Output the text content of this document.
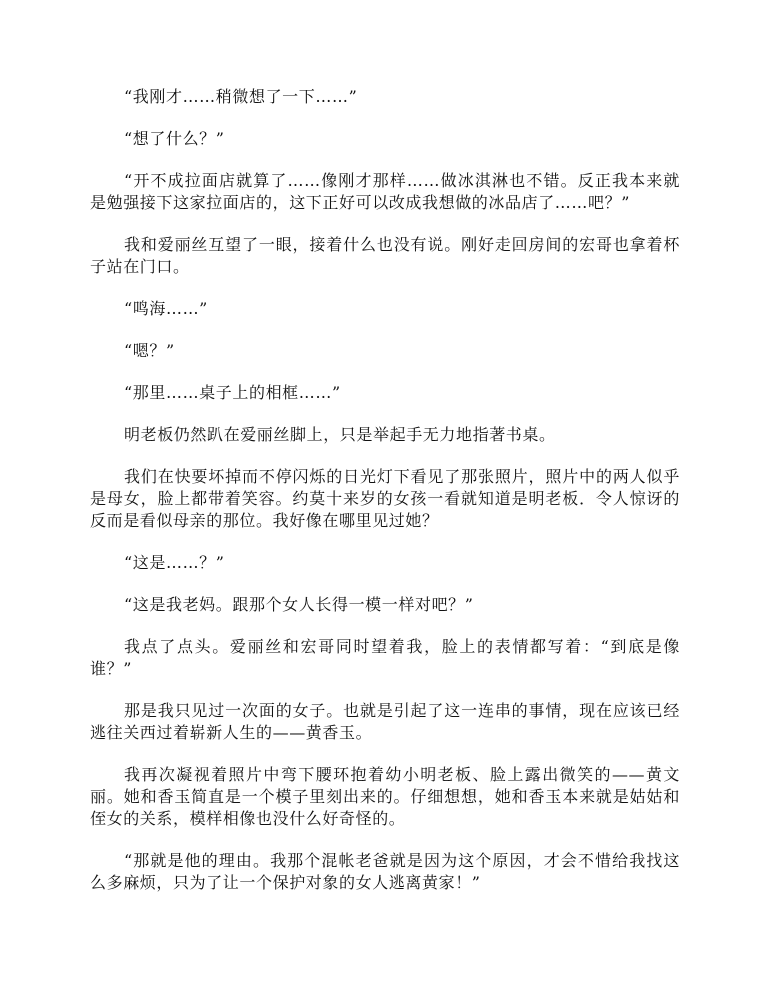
“我刚才……稍微想了一下……”

“想了什么？”

“开不成拉面店就算了……像刚才那样……做冰淇淋也不错。反正我本来就是勉强接下这家拉面店的，这下正好可以改成我想做的冰品店了……吧？”

我和爱丽丝互望了一眼，接着什么也没有说。刚好走回房间的宏哥也拿着杯子站在门口。

“鸣海……”

“嗯？”

“那里……桌子上的相框……”

明老板仍然趴在爱丽丝脚上，只是举起手无力地指著书桌。

我们在快要坏掉而不停闪烁的日光灯下看见了那张照片，照片中的两人似乎是母女，脸上都带着笑容。约莫十来岁的女孩一看就知道是明老板．令人惊讶的反而是看似母亲的那位。我好像在哪里见过她？

“这是……？”

“这是我老妈。跟那个女人长得一模一样对吧？”

我点了点头。爱丽丝和宏哥同时望着我，脸上的表情都写着：“到底是像谁？”

那是我只见过一次面的女子。也就是引起了这一连串的事情，现在应该已经逃往关西过着崭新人生的——黄香玉。

我再次凝视着照片中弯下腰环抱着幼小明老板、脸上露出微笑的——黄文丽。她和香玉简直是一个模子里刻出来的。仔细想想，她和香玉本来就是姑姑和侄女的关系，模样相像也没什么好奇怪的。

“那就是他的理由。我那个混帐老爸就是因为这个原因，才会不惜给我找这么多麻烦，只为了让一个保护对象的女人逃离黄家！”
